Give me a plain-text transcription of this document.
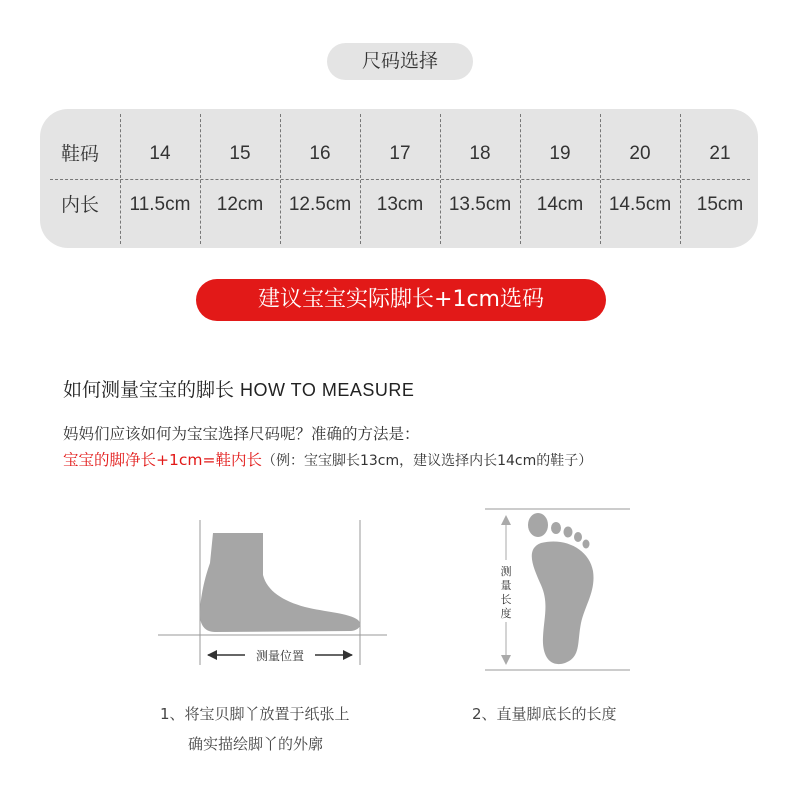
尺码选择
鞋码	14	15	16	17	18	19	20	21
内长	11.5cm	12cm	12.5cm	13cm	13.5cm	14cm	14.5cm	15cm
建议宝宝实际脚长+1cm选码
如何测量宝宝的脚长 HOW TO MEASURE
妈妈们应该如何为宝宝选择尺码呢？准确的方法是：
宝宝的脚净长+1cm=鞋内长（例：宝宝脚长13cm，建议选择内长14cm的鞋子）
测量位置
测
量
长
度
1、将宝贝脚丫放置于纸张上
确实描绘脚丫的外廓
2、直量脚底长的长度
